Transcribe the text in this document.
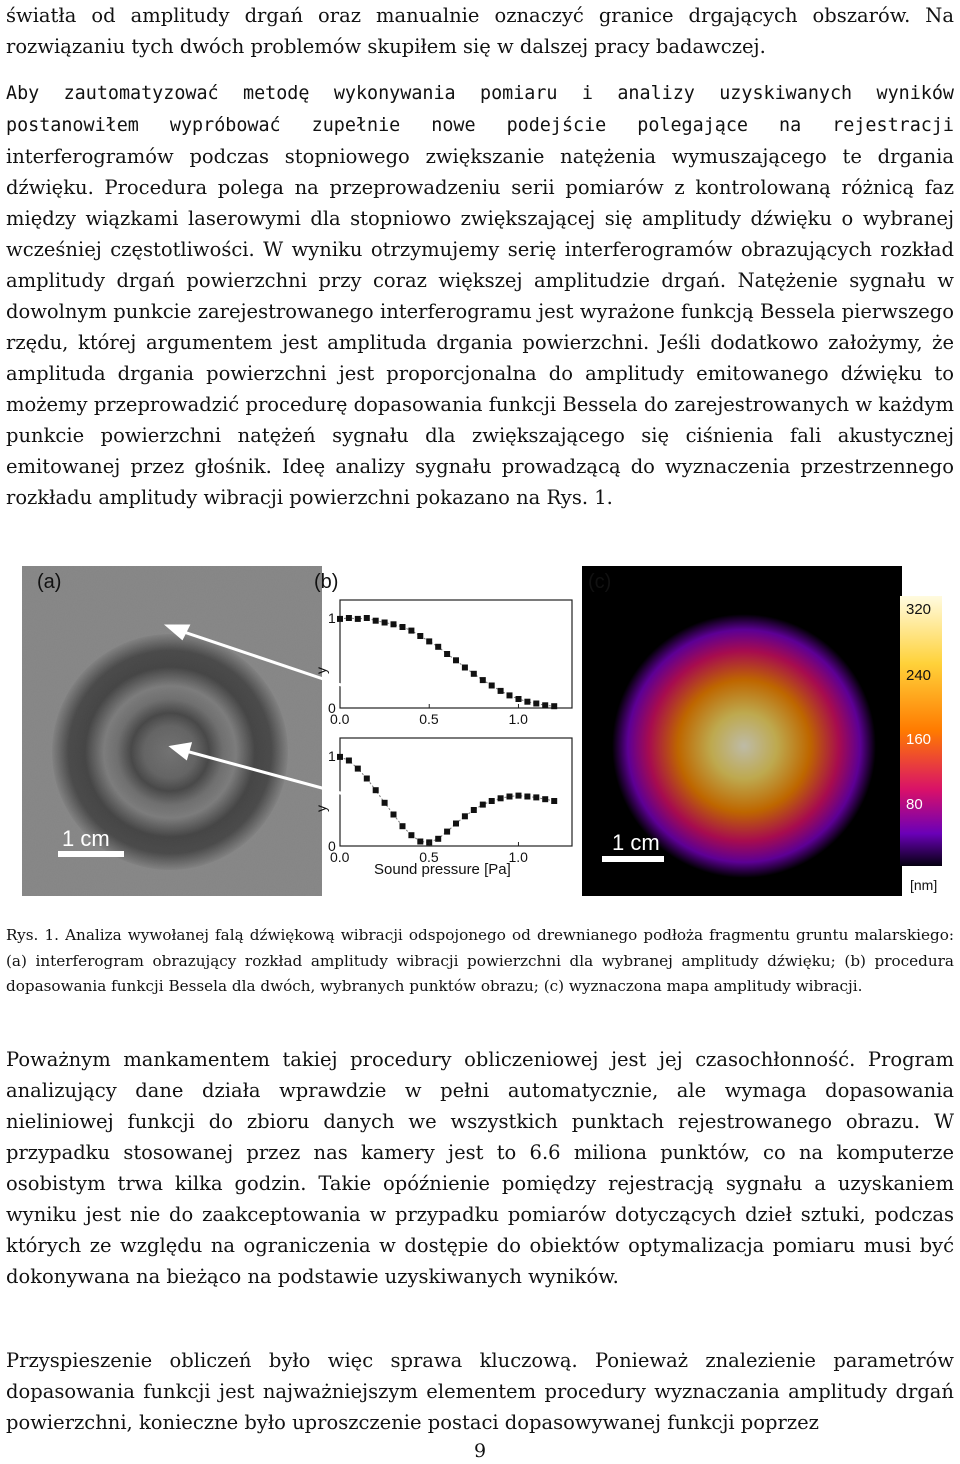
światła od amplitudy drgań oraz manualnie oznaczyć granice drgających obszarów. Na rozwiązaniu tych dwóch problemów skupiłem się w dalszej pracy badawczej.

Aby zautomatyzować metodę wykonywania pomiaru i analizy uzyskiwanych wyników postanowiłem wypróbować zupełnie nowe podejście polegające na rejestracji interferogramów podczas stopniowego zwiększanie natężenia wymuszającego te drgania dźwięku. Procedura polega na przeprowadzeniu serii pomiarów z kontrolowaną różnicą faz między wiązkami laserowymi dla stopniowo zwiększającej się amplitudy dźwięku o wybranej wcześniej częstotliwości. W wyniku otrzymujemy serię interferogramów obrazujących rozkład amplitudy drgań powierzchni przy coraz większej amplitudzie drgań. Natężenie sygnału w dowolnym punkcie zarejestrowanego interferogramu jest wyrażone funkcją Bessela pierwszego rzędu, której argumentem jest amplituda drgania powierzchni. Jeśli dodatkowo założymy, że amplituda drgania powierzchni jest proporcjonalna do amplitudy emitowanego dźwięku to możemy przeprowadzić procedurę dopasowania funkcji Bessela do zarejestrowanych w każdym punkcie powierzchni natężeń sygnału dla zwiększającego się ciśnienia fali akustycznej emitowanej przez głośnik. Ideę analizy sygnału prowadzącą do wyznaczenia przestrzennego rozkładu amplitudy wibracji powierzchni pokazano na Rys. 1.

1 cm
0.0	0.5	1.0
1
0
0.0	0.5	1.0
1
0
y
y
Sound pressure [Pa]
1 cm
320
240
160
80
[nm]
(a)	(b)	(c)

Rys. 1. Analiza wywołanej falą dźwiękową wibracji odspojonego od drewnianego podłoża fragmentu gruntu malarskiego: (a) interferogram obrazujący rozkład amplitudy wibracji powierzchni dla wybranej amplitudy dźwięku; (b) procedura dopasowania funkcji Bessela dla dwóch, wybranych punktów obrazu; (c) wyznaczona mapa amplitudy wibracji.

Poważnym mankamentem takiej procedury obliczeniowej jest jej czasochłonność. Program analizujący dane działa wprawdzie w pełni automatycznie, ale wymaga dopasowania nieliniowej funkcji do zbioru danych we wszystkich punktach rejestrowanego obrazu. W przypadku stosowanej przez nas kamery jest to 6.6 miliona punktów, co na komputerze osobistym trwa kilka godzin. Takie opóźnienie pomiędzy rejestracją sygnału a uzyskaniem wyniku jest nie do zaakceptowania w przypadku pomiarów dotyczących dzieł sztuki, podczas których ze względu na ograniczenia w dostępie do obiektów optymalizacja pomiaru musi być dokonywana na bieżąco na podstawie uzyskiwanych wyników.

Przyspieszenie obliczeń było więc sprawa kluczową. Ponieważ znalezienie parametrów dopasowania funkcji jest najważniejszym elementem procedury wyznaczania amplitudy drgań powierzchni, konieczne było uproszczenie postaci dopasowywanej funkcji poprzez

9
